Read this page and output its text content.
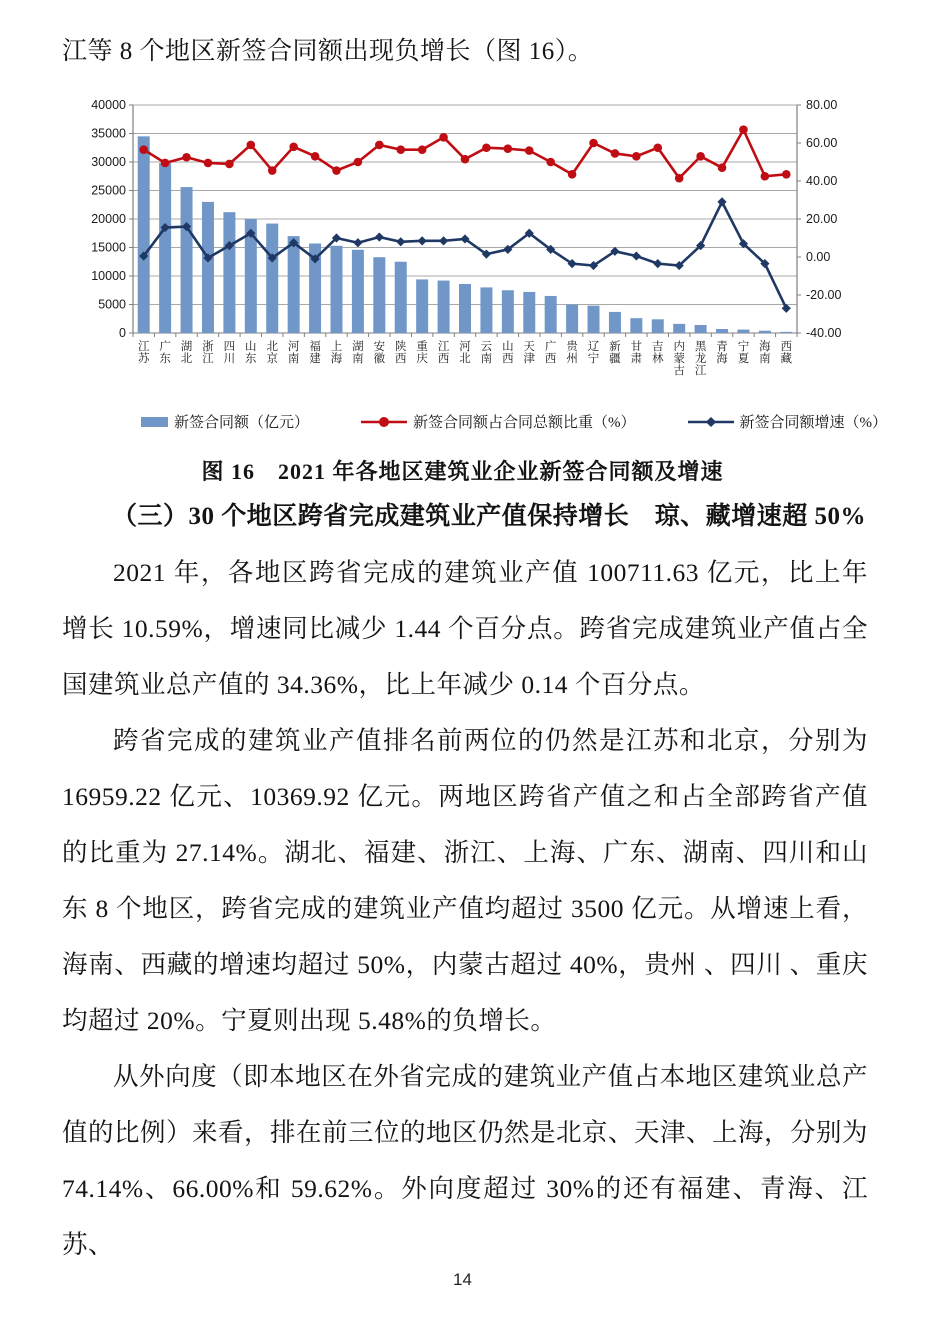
江等 8 个地区新签合同额出现负增长（图 16）。

0
5000
10000
15000
20000
25000
30000
35000
40000
-40.00
-20.00
0.00
20.00
40.00
60.00
80.00
江苏
广东
湖北
浙江
四川
山东
北京
河南
福建
上海
湖南
安徽
陕西
重庆
江西
河北
云南
山西
天津
广西
贵州
辽宁
新疆
甘肃
吉林
内蒙古
黑龙江
青海
宁夏
海南
西藏
新签合同额（亿元）	新签合同额占合同总额比重（%）	新签合同额增速（%）

图 16　2021 年各地区建筑业企业新签合同额及增速

（三）30 个地区跨省完成建筑业产值保持增长　琼、藏增速超 50%

2021 年，各地区跨省完成的建筑业产值 100711.63 亿元，比上年增长 10.59%，增速同比减少 1.44 个百分点。跨省完成建筑业产值占全国建筑业总产值的 34.36%，比上年减少 0.14 个百分点。

跨省完成的建筑业产值排名前两位的仍然是江苏和北京，分别为 16959.22 亿元、10369.92 亿元。两地区跨省产值之和占全部跨省产值的比重为 27.14%。湖北、福建、浙江、上海、广东、湖南、四川和山东 8 个地区，跨省完成的建筑业产值均超过 3500 亿元。从增速上看，海南、西藏的增速均超过 50%，内蒙古超过 40%，贵州 、四川 、重庆均超过 20%。宁夏则出现 5.48%的负增长。

从外向度（即本地区在外省完成的建筑业产值占本地区建筑业总产值的比例）来看，排在前三位的地区仍然是北京、天津、上海，分别为 74.14%、66.00%和 59.62%。外向度超过 30%的还有福建、青海、江苏、

14
